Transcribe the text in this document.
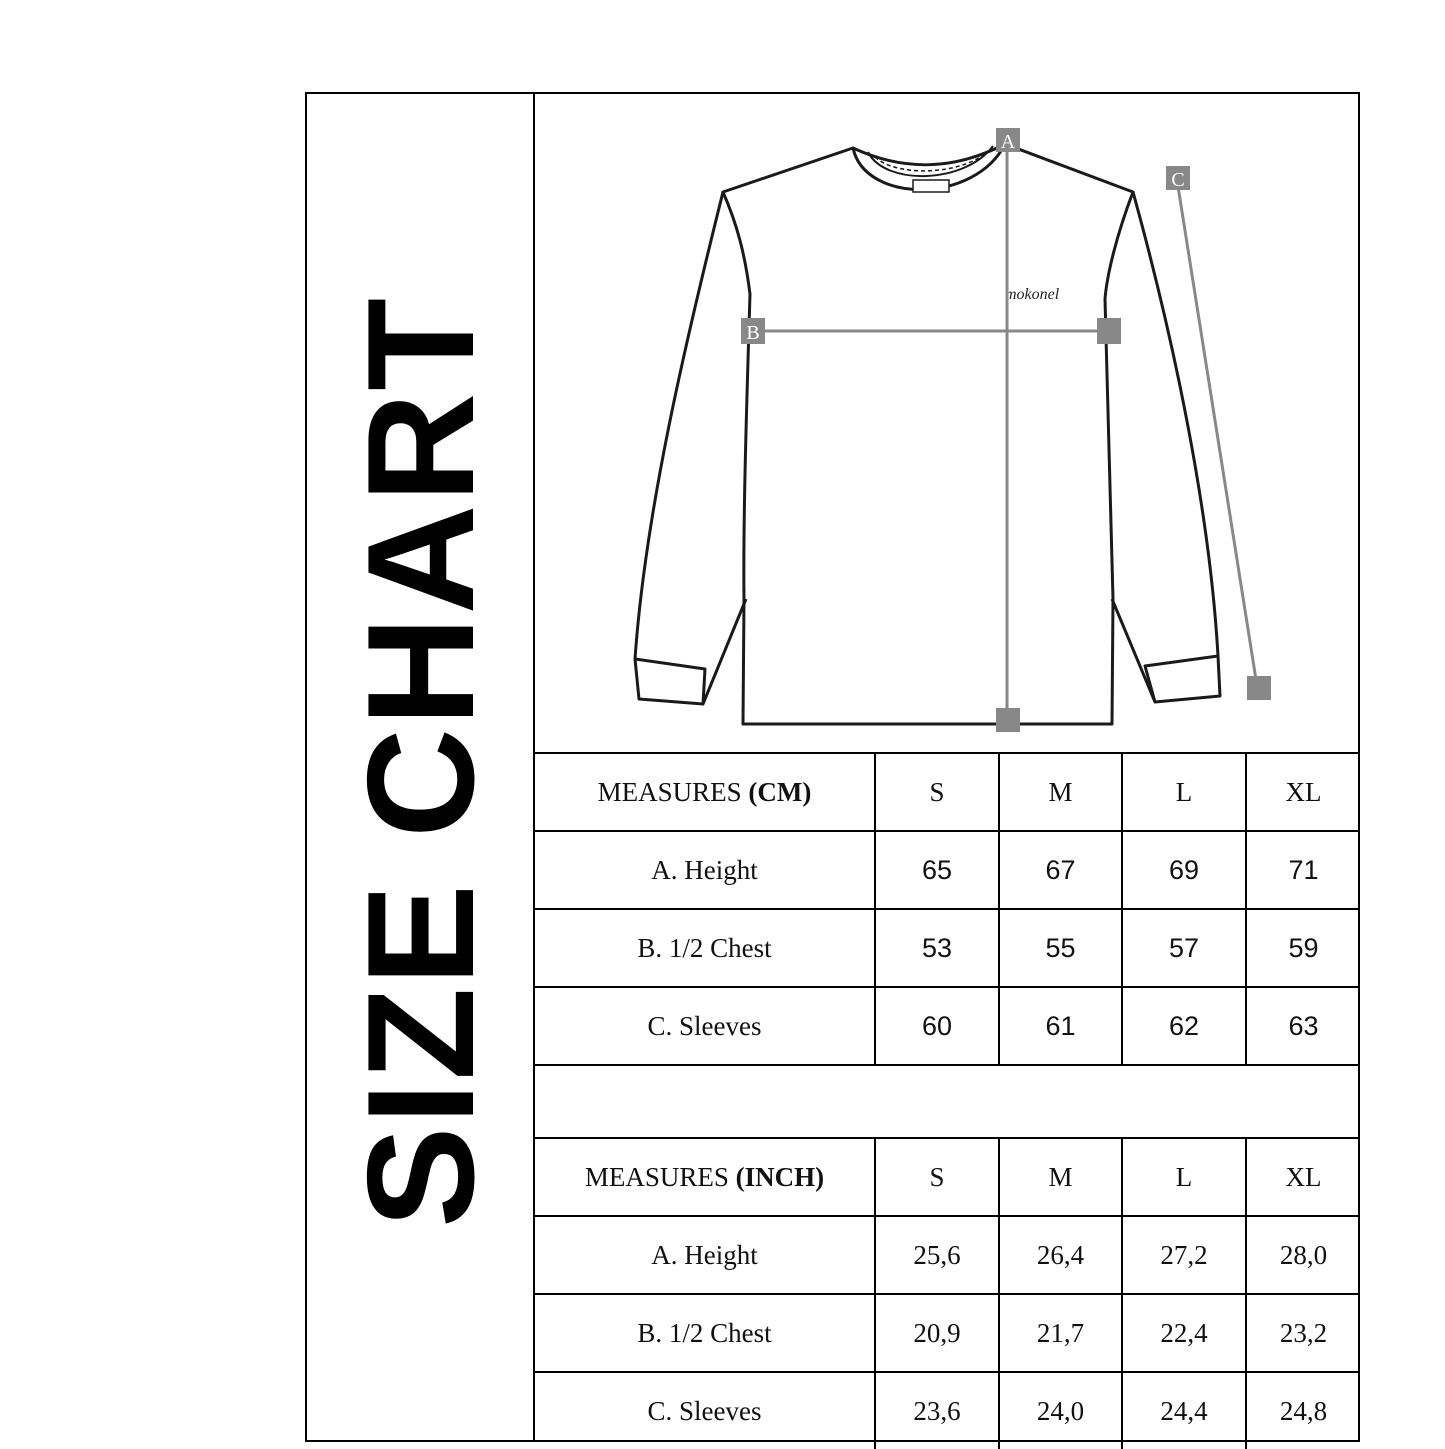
SIZE CHART
mokonel
A
B
C
MEASURES (CM)	S	M	L	XL
A. Height	65	67	69	71
B. 1/2 Chest	53	55	57	59
C. Sleeves	60	61	62	63
MEASURES (INCH)	S	M	L	XL
A. Height	25,6	26,4	27,2	28,0
B. 1/2 Chest	20,9	21,7	22,4	23,2
C. Sleeves	23,6	24,0	24,4	24,8
